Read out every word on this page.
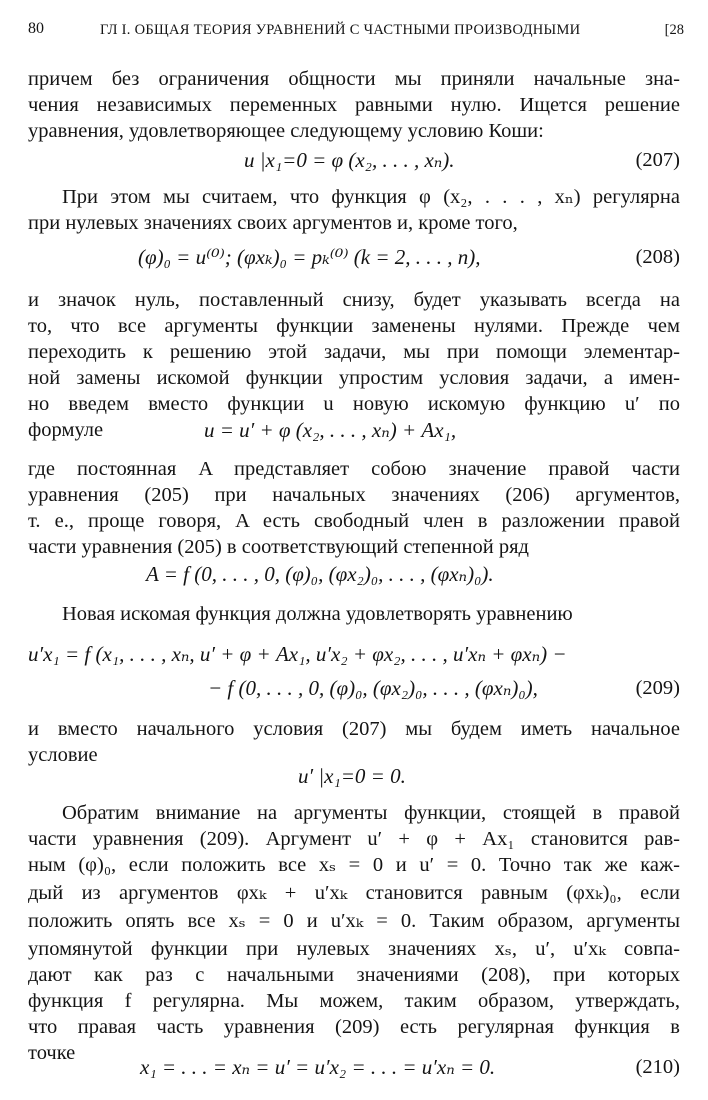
80	ГЛ I. ОБЩАЯ ТЕОРИЯ УРАВНЕНИЙ С ЧАСТНЫМИ ПРОИЗВОДНЫМИ	[28
причем без ограничения общности мы приняли начальные зна-
чения независимых переменных равными нулю. Ищется решение
уравнения, удовлетворяющее следующему условию Коши:
u |x₁=0 = φ (x₂, . . . , xₙ).	(207)
При этом мы считаем, что функция φ (x₂, . . . , xₙ) регулярна
при нулевых значениях своих аргументов и, кроме того,
(φ)₀ = u⁽⁰⁾; (φxₖ)₀ = pₖ⁽⁰⁾ (k = 2, . . . , n),	(208)
и значок нуль, поставленный снизу, будет указывать всегда на
то, что все аргументы функции заменены нулями. Прежде чем
переходить к решению этой задачи, мы при помощи элементар-
ной замены искомой функции упростим условия задачи, а имен-
но введем вместо функции u новую искомую функцию u′ по
формуле	u = u′ + φ (x₂, . . . , xₙ) + Ax₁,
где постоянная A представляет собою значение правой части
уравнения (205) при начальных значениях (206) аргументов,
т. е., проще говоря, A есть свободный член в разложении правой
части уравнения (205) в соответствующий степенной ряд
A = f (0, . . . , 0, (φ)₀, (φx₂)₀, . . . , (φxₙ)₀).
Новая искомая функция должна удовлетворять уравнению
u′x₁ = f (x₁, . . . , xₙ, u′ + φ + Ax₁, u′x₂ + φx₂, . . . , u′xₙ + φxₙ) −
− f (0, . . . , 0, (φ)₀, (φx₂)₀, . . . , (φxₙ)₀),	(209)
и вместо начального условия (207) мы будем иметь начальное
условие
u′ |x₁=0 = 0.
Обратим внимание на аргументы функции, стоящей в правой
части уравнения (209). Аргумент u′ + φ + Ax₁ становится рав-
ным (φ)₀, если положить все xₛ = 0 и u′ = 0. Точно так же каж-
дый из аргументов φxₖ + u′xₖ становится равным (φxₖ)₀, если
положить опять все xₛ = 0 и u′xₖ = 0. Таким образом, аргументы
упомянутой функции при нулевых значениях xₛ, u′, u′xₖ совпа-
дают как раз с начальными значениями (208), при которых
функция f регулярна. Мы можем, таким образом, утверждать,
что правая часть уравнения (209) есть регулярная функция в
точке
x₁ = . . . = xₙ = u′ = u′x₂ = . . . = u′xₙ = 0.	(210)
